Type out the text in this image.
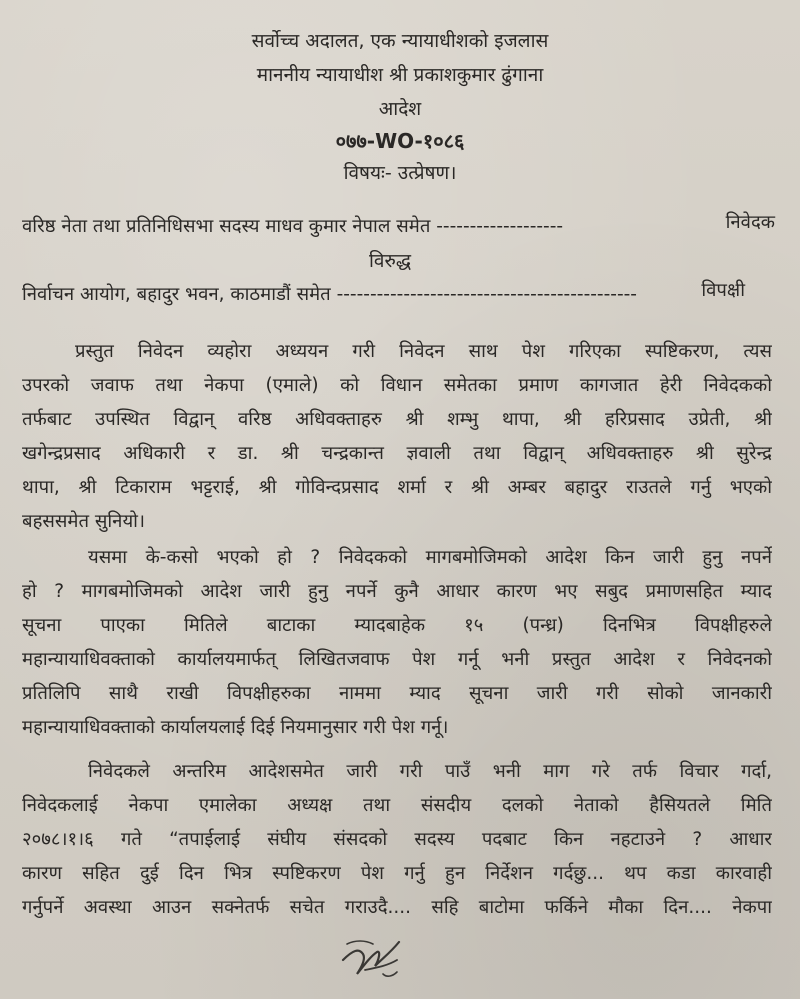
सर्वोच्च अदालत, एक न्यायाधीशको इजलास
माननीय न्यायाधीश श्री प्रकाशकुमार ढुंगाना
आदेश
०७७-WO-१०८६
विषयः- उत्प्रेषण।
वरिष्ठ नेता तथा प्रतिनिधिसभा सदस्य माधव कुमार नेपाल समेत -------------------	निवेदक
विरुद्ध
निर्वाचन आयोग, बहादुर भवन, काठमाडौं समेत ---------------------------------------------	विपक्षी
प्रस्तुत निवेदन व्यहोरा अध्ययन गरी निवेदन साथ पेश गरिएका स्पष्टिकरण, त्यस
उपरको जवाफ तथा नेकपा (एमाले) को विधान समेतका प्रमाण कागजात हेरी निवेदकको
तर्फबाट उपस्थित विद्वान् वरिष्ठ अधिवक्ताहरु श्री शम्भु थापा, श्री हरिप्रसाद उप्रेती, श्री
खगेन्द्रप्रसाद अधिकारी र डा. श्री चन्द्रकान्त ज्ञवाली तथा विद्वान् अधिवक्ताहरु श्री सुरेन्द्र
थापा, श्री टिकाराम भट्टराई, श्री गोविन्दप्रसाद शर्मा र श्री अम्बर बहादुर राउतले गर्नु भएको
बहससमेत सुनियो।
यसमा के-कसो भएको हो ? निवेदकको मागबमोजिमको आदेश किन जारी हुनु नपर्ने
हो ? मागबमोजिमको आदेश जारी हुनु नपर्ने कुनै आधार कारण भए सबुद प्रमाणसहित म्याद
सूचना पाएका मितिले बाटाका म्यादबाहेक १५ (पन्ध्र) दिनभित्र विपक्षीहरुले
महान्यायाधिवक्ताको कार्यालयमार्फत् लिखितजवाफ पेश गर्नू भनी प्रस्तुत आदेश र निवेदनको
प्रतिलिपि साथै राखी विपक्षीहरुका नाममा म्याद सूचना जारी गरी सोको जानकारी
महान्यायाधिवक्ताको कार्यालयलाई दिई नियमानुसार गरी पेश गर्नू।
निवेदकले अन्तरिम आदेशसमेत जारी गरी पाउँ भनी माग गरे तर्फ विचार गर्दा,
निवेदकलाई नेकपा एमालेका अध्यक्ष तथा संसदीय दलको नेताको हैसियतले मिति
२०७८।१।६ गते “तपाईलाई संघीय संसदको सदस्य पदबाट किन नहटाउने ? आधार
कारण सहित दुई दिन भित्र स्पष्टिकरण पेश गर्नु हुन निर्देशन गर्दछु... थप कडा कारवाही
गर्नुपर्ने अवस्था आउन सक्नेतर्फ सचेत गराउदै.... सहि बाटोमा फर्किने मौका दिन.... नेकपा
